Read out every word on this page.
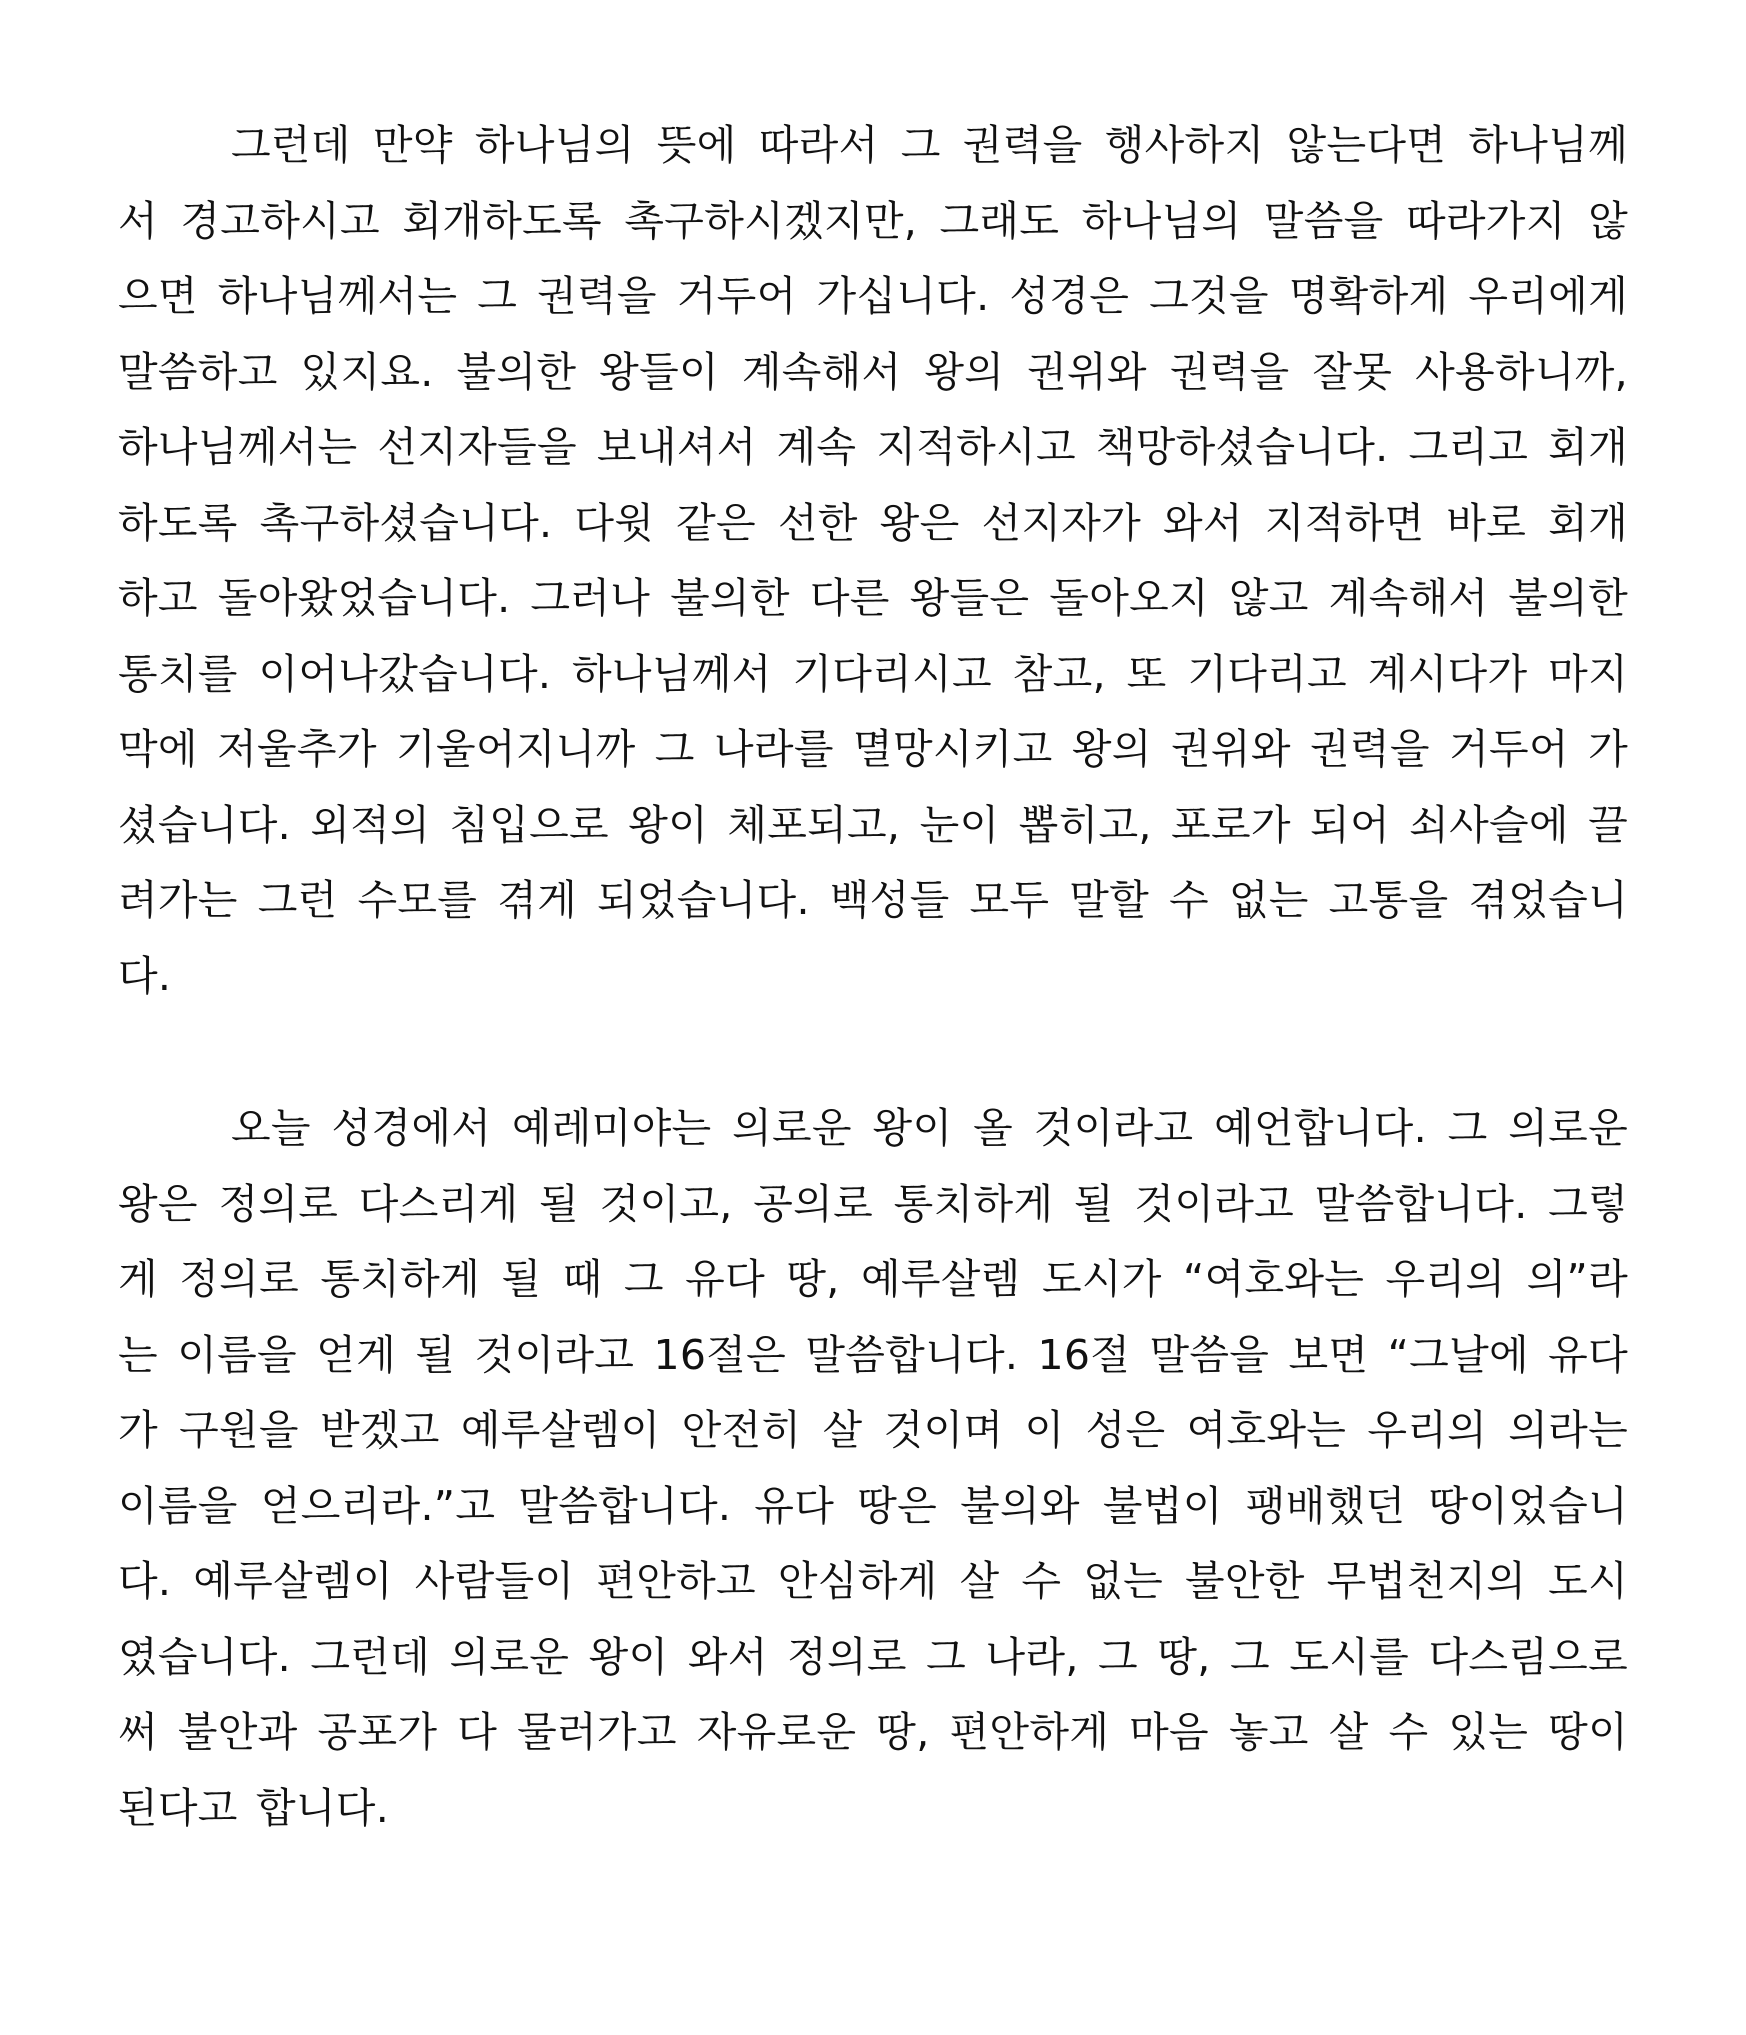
그런데 만약 하나님의 뜻에 따라서 그 권력을 행사하지 않는다면 하나님께서 경고하시고 회개하도록 촉구하시겠지만, 그래도 하나님의 말씀을 따라가지 않으면 하나님께서는 그 권력을 거두어 가십니다. 성경은 그것을 명확하게 우리에게 말씀하고 있지요. 불의한 왕들이 계속해서 왕의 권위와 권력을 잘못 사용하니까, 하나님께서는 선지자들을 보내셔서 계속 지적하시고 책망하셨습니다. 그리고 회개하도록 촉구하셨습니다. 다윗 같은 선한 왕은 선지자가 와서 지적하면 바로 회개하고 돌아왔었습니다. 그러나 불의한 다른 왕들은 돌아오지 않고 계속해서 불의한 통치를 이어나갔습니다. 하나님께서 기다리시고 참고, 또 기다리고 계시다가 마지막에 저울추가 기울어지니까 그 나라를 멸망시키고 왕의 권위와 권력을 거두어 가셨습니다. 외적의 침입으로 왕이 체포되고, 눈이 뽑히고, 포로가 되어 쇠사슬에 끌려가는 그런 수모를 겪게 되었습니다. 백성들 모두 말할 수 없는 고통을 겪었습니다.

오늘 성경에서 예레미야는 의로운 왕이 올 것이라고 예언합니다. 그 의로운 왕은 정의로 다스리게 될 것이고, 공의로 통치하게 될 것이라고 말씀합니다. 그렇게 정의로 통치하게 될 때 그 유다 땅, 예루살렘 도시가 “여호와는 우리의 의”라는 이름을 얻게 될 것이라고 16절은 말씀합니다. 16절 말씀을 보면 “그날에 유다가 구원을 받겠고 예루살렘이 안전히 살 것이며 이 성은 여호와는 우리의 의라는 이름을 얻으리라.”고 말씀합니다. 유다 땅은 불의와 불법이 팽배했던 땅이었습니다. 예루살렘이 사람들이 편안하고 안심하게 살 수 없는 불안한 무법천지의 도시였습니다. 그런데 의로운 왕이 와서 정의로 그 나라, 그 땅, 그 도시를 다스림으로써 불안과 공포가 다 물러가고 자유로운 땅, 편안하게 마음 놓고 살 수 있는 땅이 된다고 합니다.
